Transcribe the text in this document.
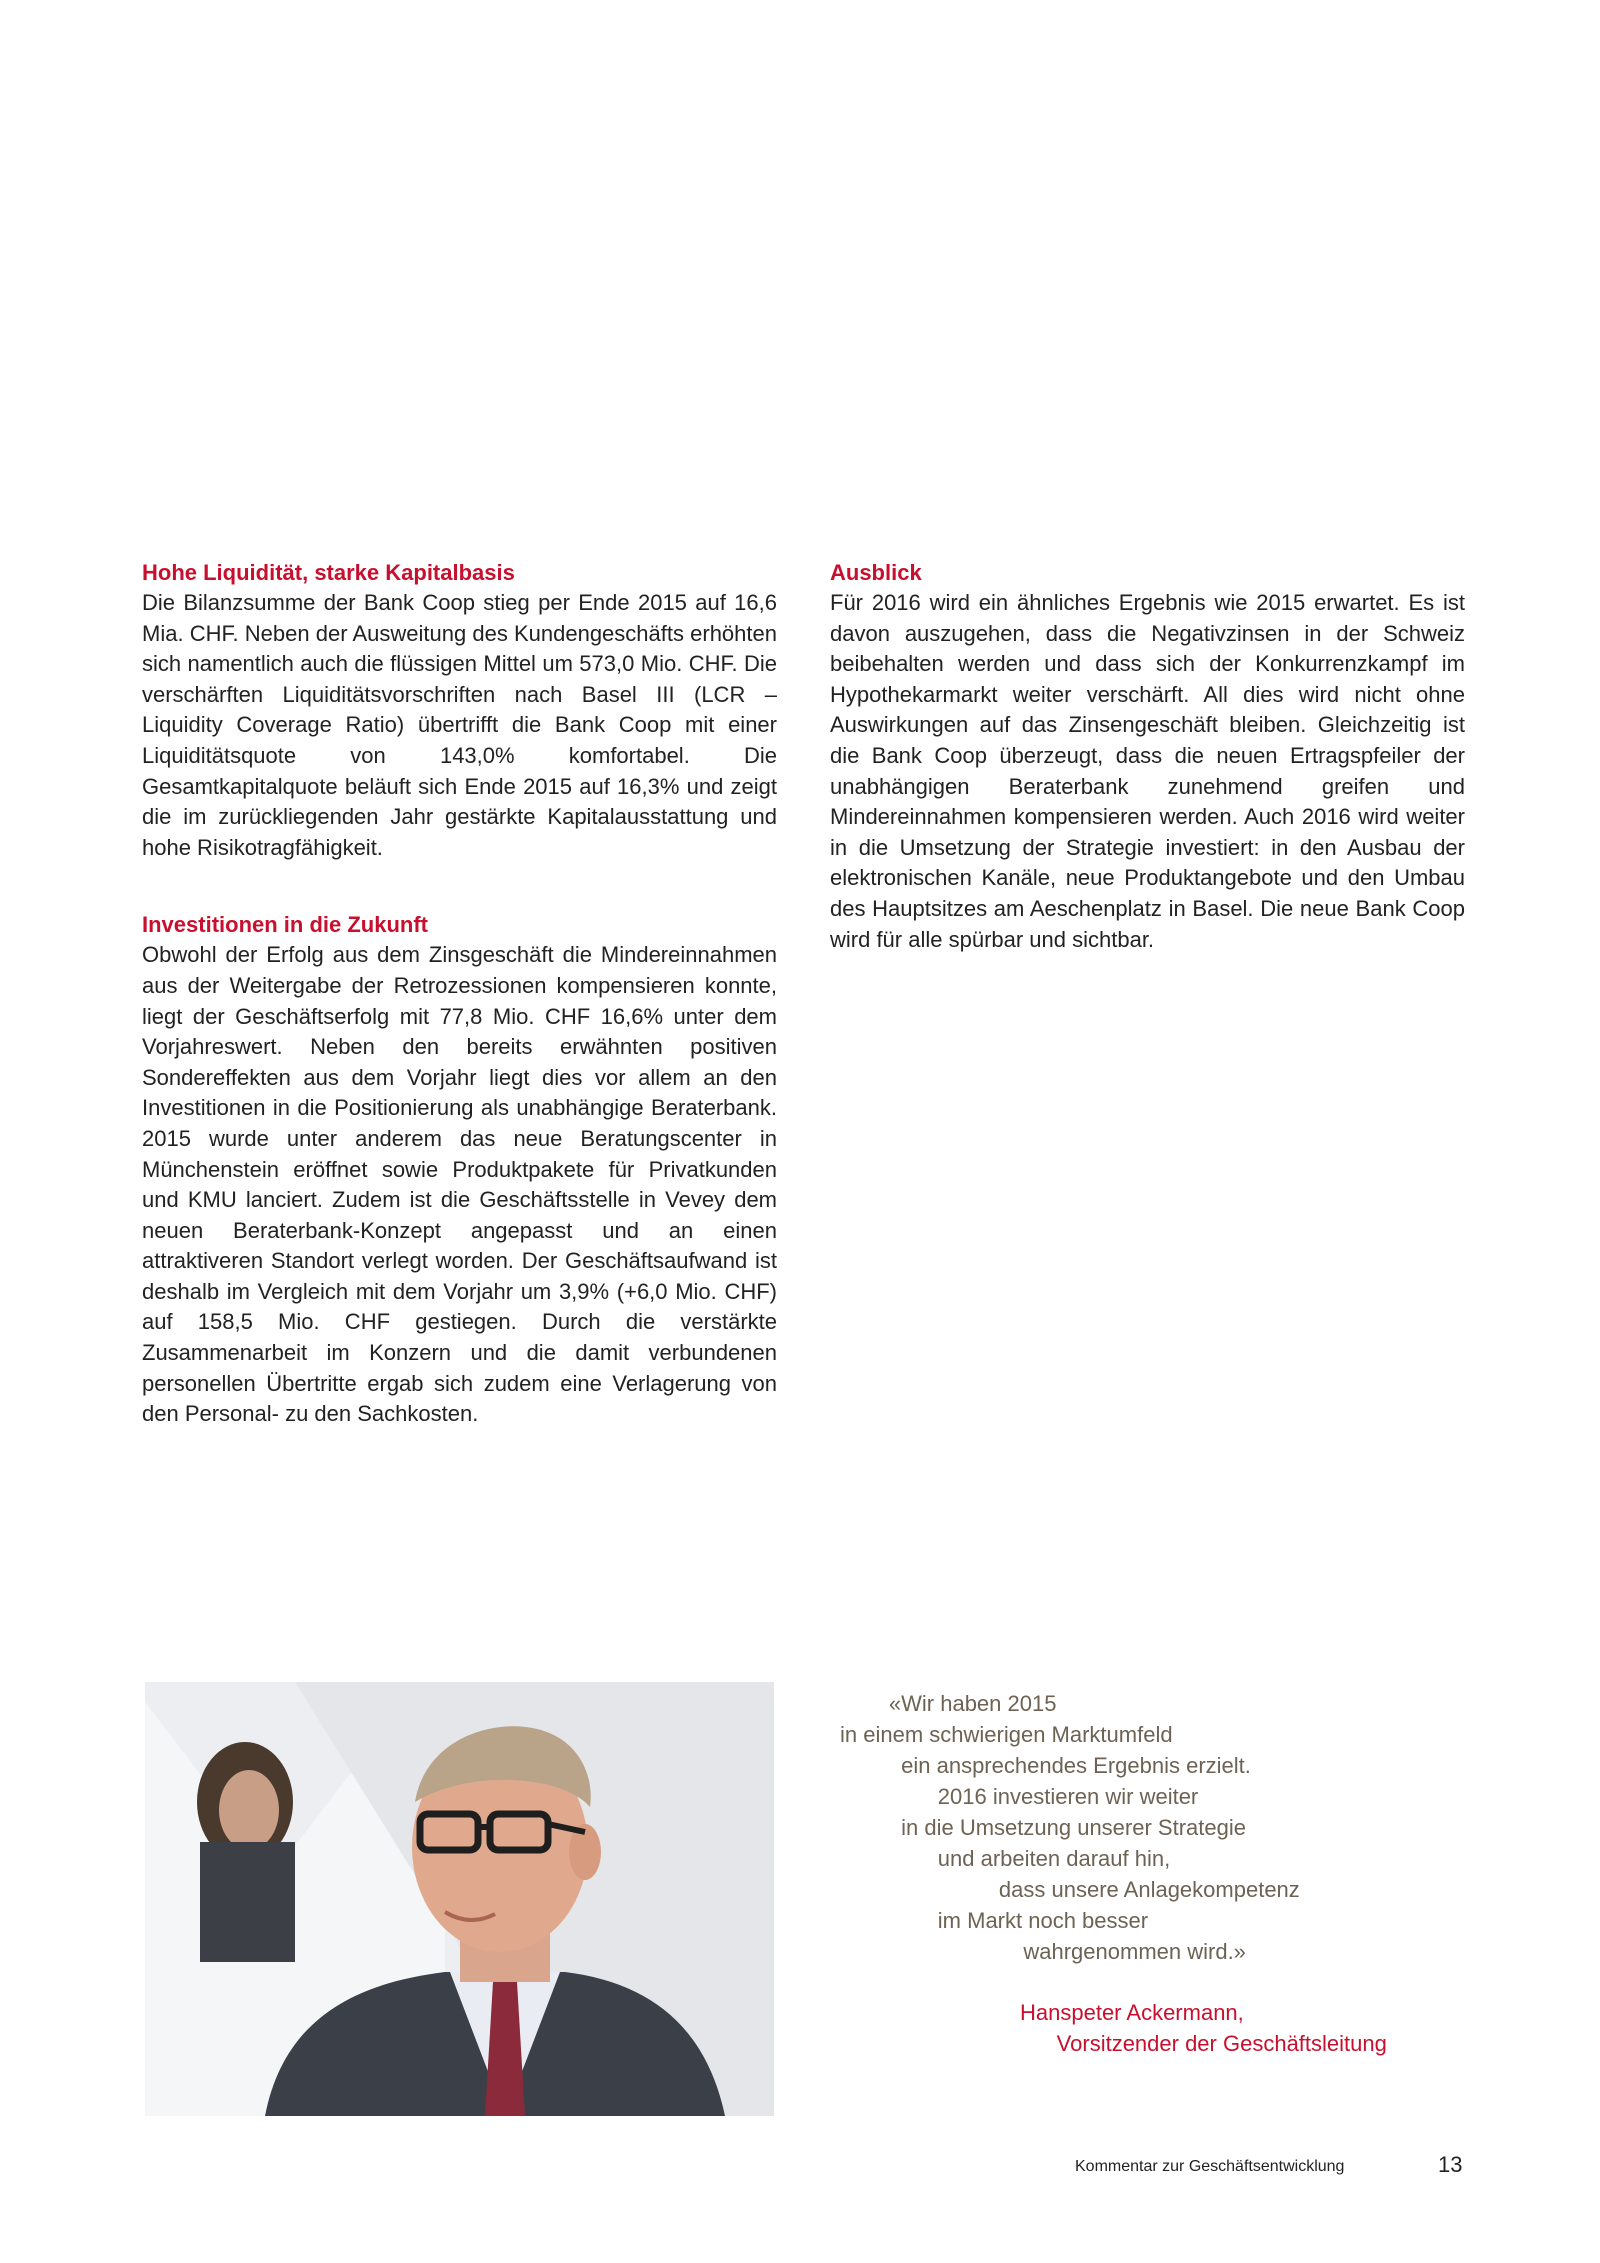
Hohe Liquidität, starke Kapitalbasis

Die Bilanzsumme der Bank Coop stieg per Ende 2015 auf 16,6 Mia. CHF. Neben der Ausweitung des Kundengeschäfts erhöhten sich namentlich auch die flüssigen Mittel um 573,0 Mio. CHF. Die verschärften Liquiditätsvorschriften nach Basel III (LCR – Liquidity Coverage Ratio) übertrifft die Bank Coop mit einer Liquiditätsquote von 143,0% komfortabel. Die Gesamtkapitalquote beläuft sich Ende 2015 auf 16,3% und zeigt die im zurückliegenden Jahr gestärkte Kapitalausstattung und hohe Risikotragfähigkeit.

Investitionen in die Zukunft

Obwohl der Erfolg aus dem Zinsgeschäft die Mindereinnahmen aus der Weitergabe der Retrozessionen kompensieren konnte, liegt der Geschäftserfolg mit 77,8 Mio. CHF 16,6% unter dem Vorjahreswert. Neben den bereits erwähnten positiven Sondereffekten aus dem Vorjahr liegt dies vor allem an den Investitionen in die Positionierung als unabhängige Beraterbank. 2015 wurde unter anderem das neue Beratungscenter in Münchenstein eröffnet sowie Produktpakete für Privatkunden und KMU lanciert. Zudem ist die Geschäftsstelle in Vevey dem neuen Beraterbank-Konzept angepasst und an einen attraktiveren Standort verlegt worden. Der Geschäftsaufwand ist deshalb im Vergleich mit dem Vorjahr um 3,9% (+6,0 Mio. CHF) auf 158,5 Mio. CHF gestiegen. Durch die verstärkte Zusammenarbeit im Konzern und die damit verbundenen personellen Übertritte ergab sich zudem eine Verlagerung von den Personal- zu den Sachkosten.

Ausblick

Für 2016 wird ein ähnliches Ergebnis wie 2015 erwartet. Es ist davon auszugehen, dass die Negativzinsen in der Schweiz beibehalten werden und dass sich der Konkurrenzkampf im Hypothekarmarkt weiter verschärft. All dies wird nicht ohne Auswirkungen auf das Zinsengeschäft bleiben. Gleichzeitig ist die Bank Coop überzeugt, dass die neuen Ertragspfeiler der unabhängigen Beraterbank zunehmend greifen und Mindereinnahmen kompensieren werden. Auch 2016 wird weiter in die Umsetzung der Strategie investiert: in den Ausbau der elektronischen Kanäle, neue Produktangebote und den Umbau des Hauptsitzes am Aeschenplatz in Basel. Die neue Bank Coop wird für alle spürbar und sichtbar.

«Wir haben 2015
in einem schwierigen Marktumfeld
ein ansprechendes Ergebnis erzielt.
2016 investieren wir weiter
in die Umsetzung unserer Strategie
und arbeiten darauf hin,
dass unsere Anlagekompetenz
im Markt noch besser
wahrgenommen wird.»
Hanspeter Ackermann,
Vorsitzender der Geschäftsleitung
Kommentar zur Geschäftsentwicklung	13
